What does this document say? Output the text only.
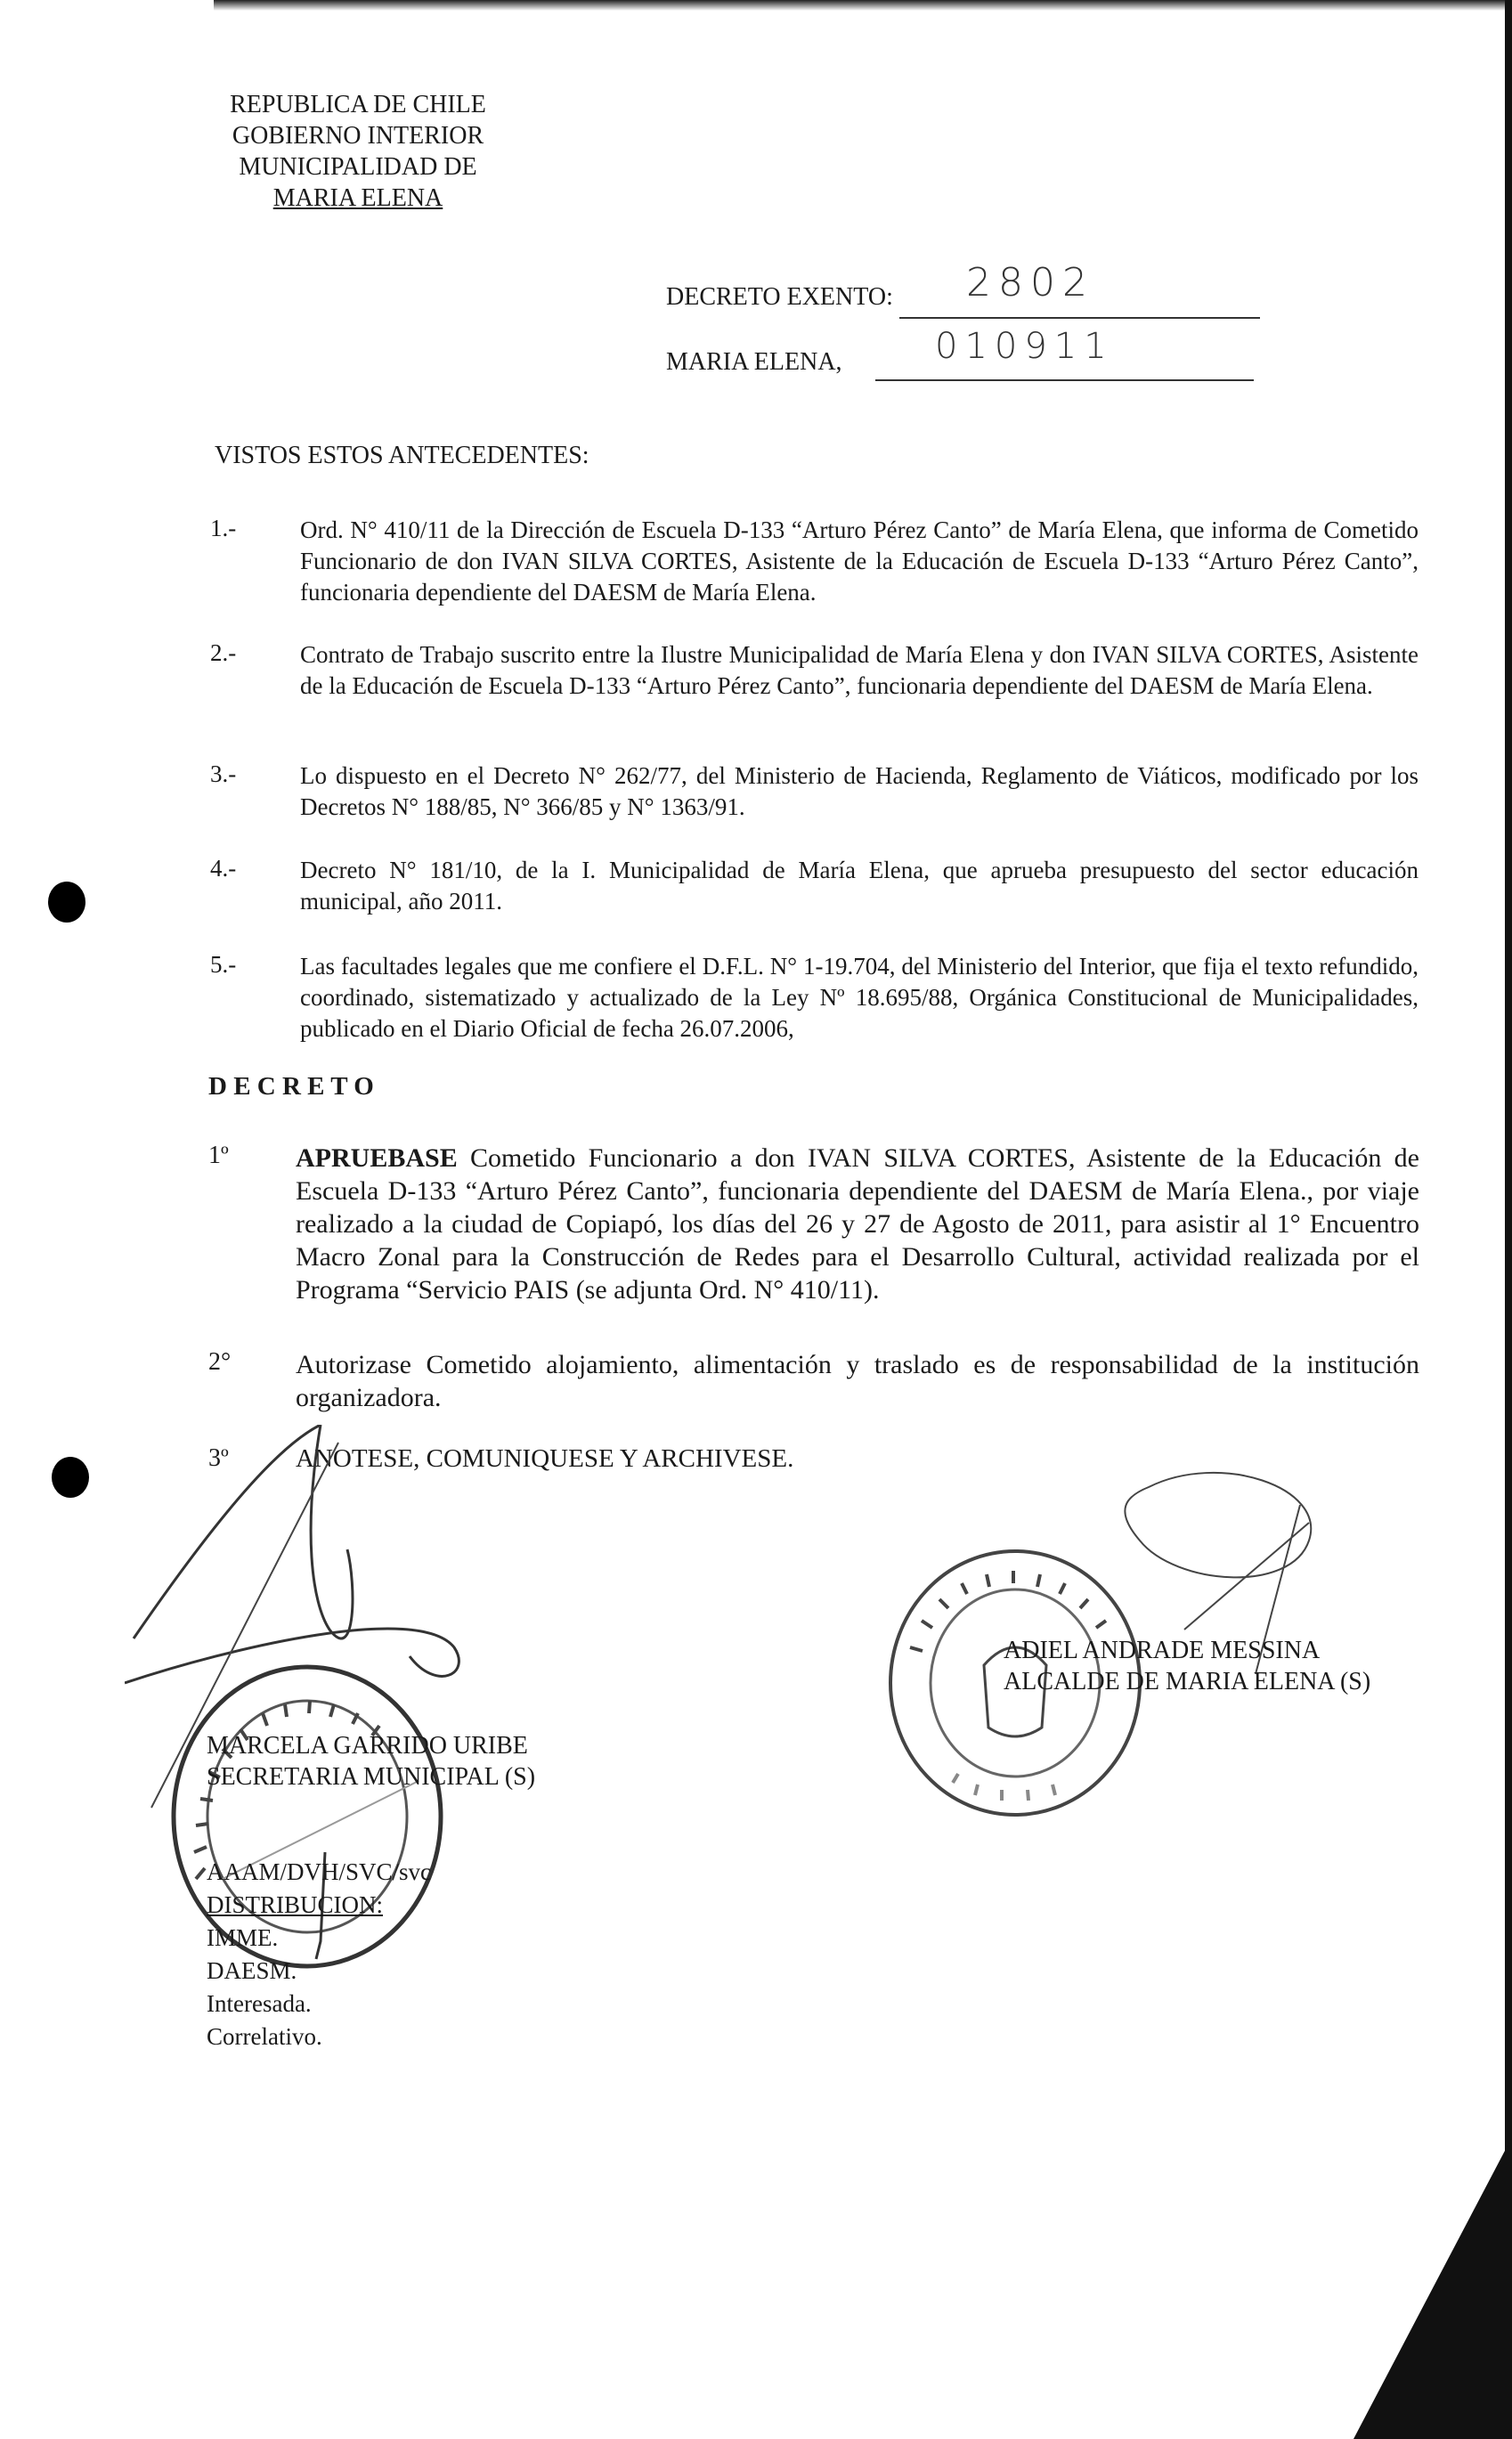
REPUBLICA DE CHILE
GOBIERNO INTERIOR
MUNICIPALIDAD DE
MARIA ELENA
DECRETO EXENTO: 2802
MARIA ELENA,	010911
VISTOS ESTOS ANTECEDENTES:
1.-	Ord. N° 410/11 de la Dirección de Escuela D-133 “Arturo Pérez Canto” de María Elena, que informa de Cometido Funcionario de don IVAN SILVA CORTES, Asistente de la Educación de Escuela D-133 “Arturo Pérez Canto”, funcionaria dependiente del DAESM de María Elena.
2.-	Contrato de Trabajo suscrito entre la Ilustre Municipalidad de María Elena y don IVAN SILVA CORTES, Asistente de la Educación de Escuela D-133 “Arturo Pérez Canto”, funcionaria dependiente del DAESM de María Elena.
3.-	Lo dispuesto en el Decreto N° 262/77, del Ministerio de Hacienda, Reglamento de Viáticos, modificado por los Decretos N° 188/85, N° 366/85 y N° 1363/91.
4.-	Decreto N° 181/10, de la I. Municipalidad de María Elena, que aprueba presupuesto del sector educación municipal, año 2011.
5.-	Las facultades legales que me confiere el D.F.L. N° 1-19.704, del Ministerio del Interior, que fija el texto refundido, coordinado, sistematizado y actualizado de la Ley Nº 18.695/88, Orgánica Constitucional de Municipalidades, publicado en el Diario Oficial de fecha 26.07.2006,
D E C R E T O
1º	APRUEBASE Cometido Funcionario a don IVAN SILVA CORTES, Asistente de la Educación de Escuela D-133 “Arturo Pérez Canto”, funcionaria dependiente del DAESM de María Elena., por viaje realizado a la ciudad de Copiapó, los días del 26 y 27 de Agosto de 2011, para asistir al 1° Encuentro Macro Zonal para la Construcción de Redes para el Desarrollo Cultural, actividad realizada por el Programa “Servicio PAIS (se adjunta Ord. N° 410/11).
2° Autorizase Cometido alojamiento, alimentación y traslado es de responsabilidad de la institución organizadora.
3º	ANOTESE, COMUNIQUESE Y ARCHIVESE.
ADIEL ANDRADE MESSINA
ALCALDE DE MARIA ELENA (S)
MARCELA GARRIDO URIBE
SECRETARIA MUNICIPAL (S)
AAAM/DVH/SVC/svc
DISTRIBUCION:
IMME.
DAESM.
Interesada.
Correlativo.
